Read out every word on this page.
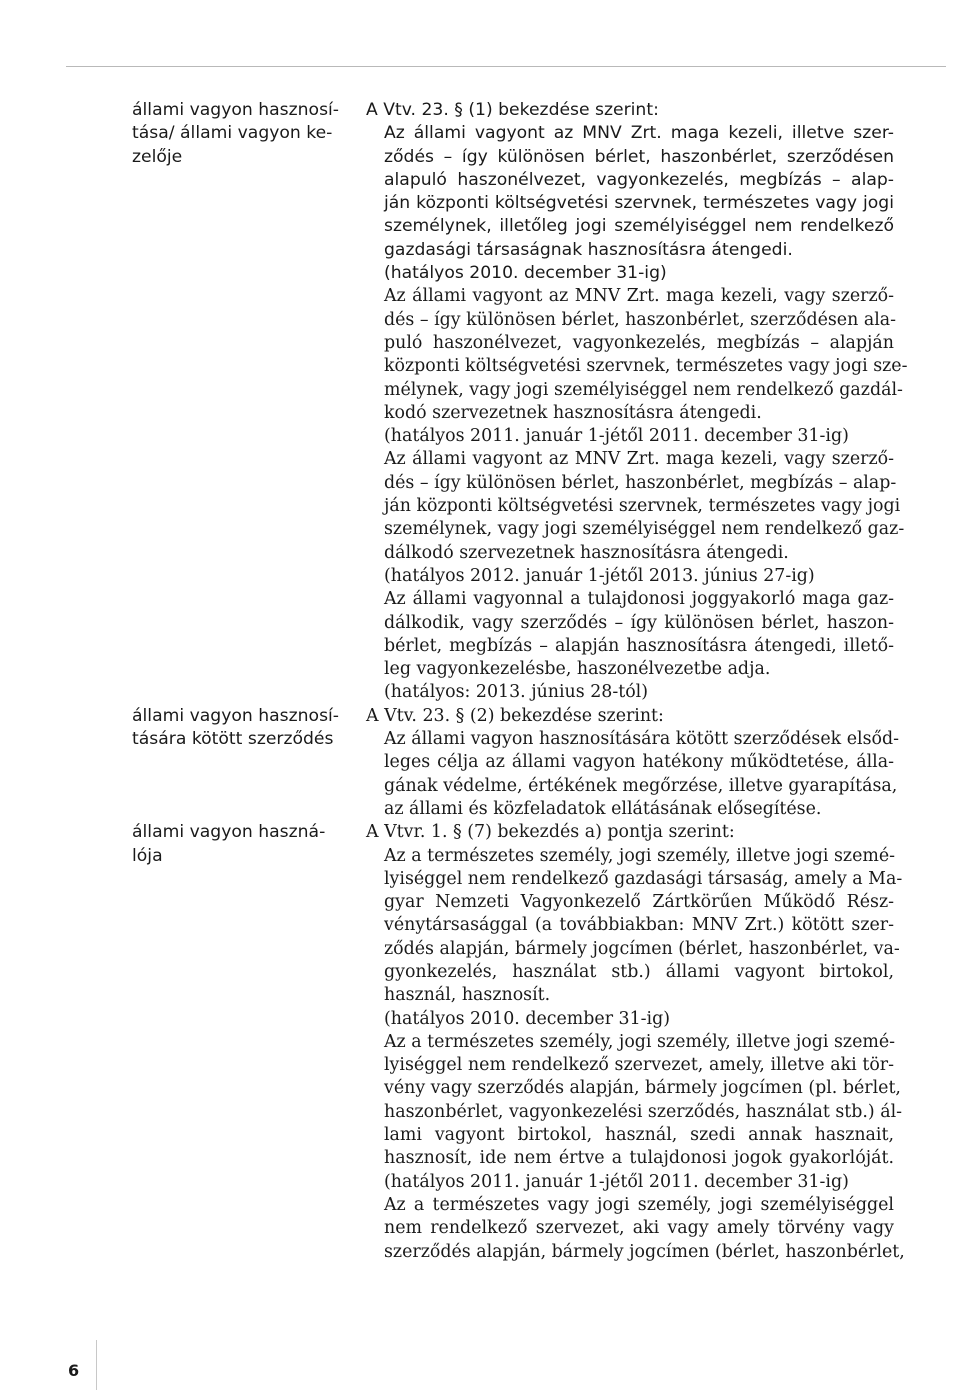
állami vagyon hasznosí-
tása/ állami vagyon ke-
zelője
A Vtv. 23. § (1) bekezdése szerint:
Az állami vagyont az MNV Zrt. maga kezeli, illetve szer-
ződés – így különösen bérlet, haszonbérlet, szerződésen
alapuló haszonélvezet, vagyonkezelés, megbízás – alap-
ján központi költségvetési szervnek, természetes vagy jogi
személynek, illetőleg jogi személyiséggel nem rendelkező
gazdasági társaságnak hasznosításra átengedi.
(hatályos 2010. december 31-ig)
Az állami vagyont az MNV Zrt. maga kezeli, vagy szerző-
dés – így különösen bérlet, haszonbérlet, szerződésen ala-
puló haszonélvezet, vagyonkezelés, megbízás – alapján
központi költségvetési szervnek, természetes vagy jogi sze-
mélynek, vagy jogi személyiséggel nem rendelkező gazdál-
kodó szervezetnek hasznosításra átengedi.
(hatályos 2011. január 1-jétől 2011. december 31-ig)
Az állami vagyont az MNV Zrt. maga kezeli, vagy szerző-
dés – így különösen bérlet, haszonbérlet, megbízás – alap-
ján központi költségvetési szervnek, természetes vagy jogi
személynek, vagy jogi személyiséggel nem rendelkező gaz-
dálkodó szervezetnek hasznosításra átengedi.
(hatályos 2012. január 1-jétől 2013. június 27-ig)
Az állami vagyonnal a tulajdonosi joggyakorló maga gaz-
dálkodik, vagy szerződés – így különösen bérlet, haszon-
bérlet, megbízás – alapján hasznosításra átengedi, illető-
leg vagyonkezelésbe, haszonélvezetbe adja.
(hatályos: 2013. június 28-tól)
állami vagyon hasznosí-
tására kötött szerződés
A Vtv. 23. § (2) bekezdése szerint:
Az állami vagyon hasznosítására kötött szerződések elsőd-
leges célja az állami vagyon hatékony működtetése, álla-
gának védelme, értékének megőrzése, illetve gyarapítása,
az állami és közfeladatok ellátásának elősegítése.
állami vagyon haszná-
lója
A Vtvr. 1. § (7) bekezdés a) pontja szerint:
Az a természetes személy, jogi személy, illetve jogi szemé-
lyiséggel nem rendelkező gazdasági társaság, amely a Ma-
gyar Nemzeti Vagyonkezelő Zártkörűen Működő Rész-
vénytársasággal (a továbbiakban: MNV Zrt.) kötött szer-
ződés alapján, bármely jogcímen (bérlet, haszonbérlet, va-
gyonkezelés, használat stb.) állami vagyont birtokol,
használ, hasznosít.
(hatályos 2010. december 31-ig)
Az a természetes személy, jogi személy, illetve jogi szemé-
lyiséggel nem rendelkező szervezet, amely, illetve aki tör-
vény vagy szerződés alapján, bármely jogcímen (pl. bérlet,
haszonbérlet, vagyonkezelési szerződés, használat stb.) ál-
lami vagyont birtokol, használ, szedi annak hasznait,
hasznosít, ide nem értve a tulajdonosi jogok gyakorlóját.
(hatályos 2011. január 1-jétől 2011. december 31-ig)
Az a természetes vagy jogi személy, jogi személyiséggel
nem rendelkező szervezet, aki vagy amely törvény vagy
szerződés alapján, bármely jogcímen (bérlet, haszonbérlet,
6
